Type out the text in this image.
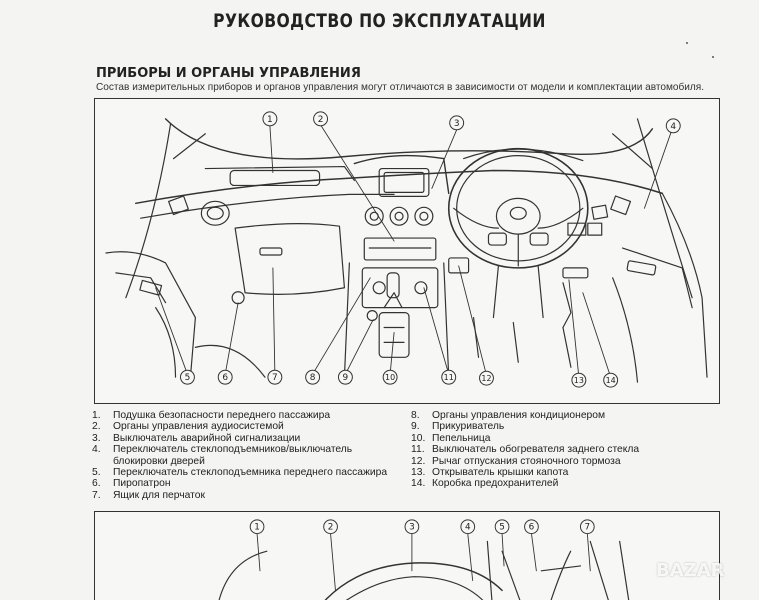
РУКОВОДСТВО ПО ЭКСПЛУАТАЦИИ
ПРИБОРЫ И ОРГАНЫ УПРАВЛЕНИЯ
Состав измерительных приборов и органов управления могут отличаются в зависимости от модели и комплектации автомобиля.
1	2	3	4
5	6	7	8	9	10	11	12	13	14
1.	Подушка безопасности переднего пассажира
2.	Органы управления аудиосистемой
3.	Выключатель аварийной сигнализации
4.	Переключатель стеклоподъемников/выключатель блокировки дверей
5.	Переключатель стеклоподъемника переднего пассажира
6.	Пиропатрон
7.	Ящик для перчаток
8.	Органы управления кондиционером
9.	Прикуриватель
10. Пепельница
11. Выключатель обогревателя заднего стекла
12. Рычаг отпускания стояночного тормоза
13. Открыватель крышки капота
14. Коробка предохранителей
1	2	3	4	5	6	7
BAZAR
